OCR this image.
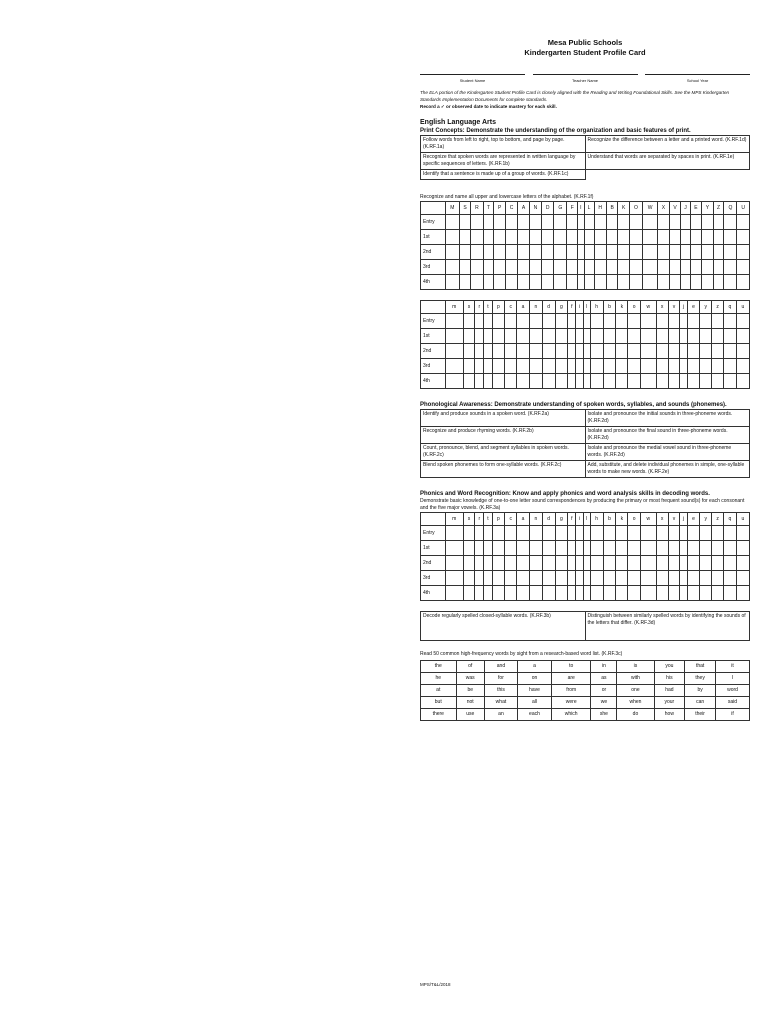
Mesa Public Schools
Kindergarten Student Profile Card
Student Name	Teacher Name	School Year
The ELA portion of the Kindergarten Student Profile Card is closely aligned with the Reading and Writing Foundational Skills. See the MPS Kindergarten Standards Implementation Documents for complete standards.
Record a ✓ or observed date to indicate mastery for each skill.
English Language Arts
Print Concepts: Demonstrate the understanding of the organization and basic features of print.
Follow words from left to right, top to bottom, and page by page. (K.RF.1a)	Recognize the difference between a letter and a printed word. (K.RF.1d)
Recognize that spoken words are represented in written language by specific sequences of letters. (K.RF.1b)	Understand that words are separated by spaces in print. (K.RF.1e)
Identify that a sentence is made up of a group of words. (K.RF.1c)	
Recognize and name all upper and lowercase letters of the alphabet. (K.RF.1f)
	M	S	R	T	P	C	A	N	D	G	F	I	L	H	B	K	O	W	X	V	J	E	Y	Z	Q	U
Entry																										
1st																										
2nd																										
3rd																										
4th																										
	m	s	r	t	p	c	a	n	d	g	f	i	l	h	b	k	o	w	x	v	j	e	y	z	q	u
Entry																										
1st																										
2nd																										
3rd																										
4th																										
Phonological Awareness: Demonstrate understanding of spoken words, syllables, and sounds (phonemes).
Identify and produce sounds in a spoken word. (K.RF.2a)	Isolate and pronounce the initial sounds in three-phoneme words. (K.RF.2d)
Recognize and produce rhyming words. (K.RF.2b)	Isolate and pronounce the final sound in three-phoneme words. (K.RF.2d)
Count, pronounce, blend, and segment syllables in spoken words. (K.RF.2c)	Isolate and pronounce the medial vowel sound in three-phoneme words. (K.RF.2d)
Blend spoken phonemes to form one-syllable words. (K.RF.2c)	Add, substitute, and delete individual phonemes in simple, one-syllable words to make new words. (K.RF.2e)
Phonics and Word Recognition: Know and apply phonics and word analysis skills in decoding words.
Demonstrate basic knowledge of one-to-one letter sound correspondences by producing the primary or most frequent sound(s) for each consonant and the five major vowels. (K.RF.3a)
	m	s	r	t	p	c	a	n	d	g	f	i	l	h	b	k	o	w	x	v	j	e	y	z	q	u
Entry																										
1st																										
2nd																										
3rd																										
4th																										
Decode regularly spelled closed-syllable words. (K.RF.3b)	Distinguish between similarly spelled words by identifying the sounds of the letters that differ. (K.RF.3d)
Read 50 common high-frequency words by sight from a research-based word list. (K.RF.3c)
the	of	and	a	to	in	is	you	that	it
he	was	for	on	are	as	with	his	they	I
at	be	this	have	from	or	one	had	by	word
but	not	what	all	were	we	when	your	can	said
there	use	an	each	which	she	do	how	their	if
MPS/T&L/2018
